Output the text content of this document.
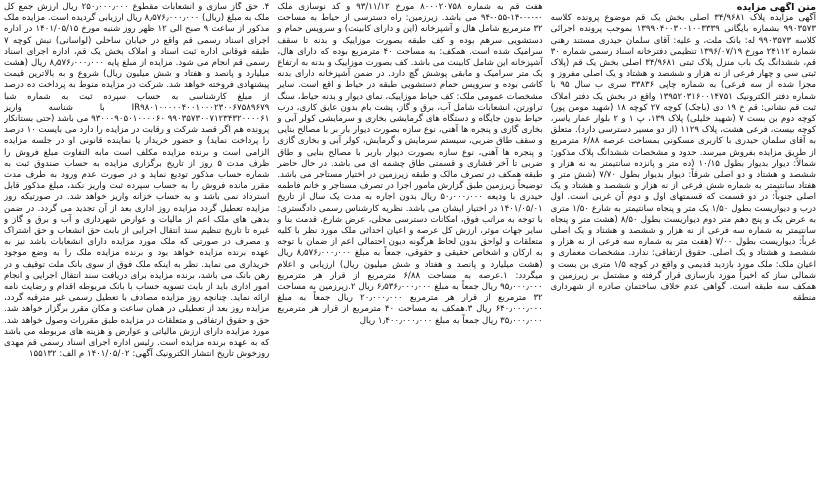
متن آگهی مزایده

آگهی مزایده پلاک ۳۴/۹۶۸۱ اصلی بخش یک قم موضوع پرونده کلاسه ۹۹۰۳۵۷۳ بشماره بایگانی ۱۳۹۹۰۴۰۰۳۰۰۱۰۰۳۳۳۹ بموجب پرونده اجرائی کلاسه ۹۹۰۳۵۷۳ له: بانک ملت، و علیه: آقای سلمان حیدری مستند رهنی شماره ۲۴۱۱۲ مورخ ۱۳۹۶/۰۷/۱۹ تنظیمی دفترخانه اسناد رسمی شماره ۳۰ قم، ششدانگ یک باب منزل پلاک ثبتی ۳۴/۹۶۸۱ اصلی بخش یک قم (پلاک ثبتی سی و چهار فرعی از نه هزار و ششصد و هشتاد و یک اصلی مفروز و مجزا شده از سه فرعی) به شماره چاپی ۳۳۸۳۶ سری ب سال ۹۵ با شماره دفتر الکترونیک ۱۳۹۵۲۰۳۱۶۰۰۱۴۷۵۱ واقع در بخش یک دفتر املاک ثبت قم نشانی: قم خ ۱۹ دی (باجک) کوچه ۲۷ کوچه ۱۸ (شهید مومن پور) کوچه دوم بن بست ۷ (شهید خلیلی) پلاک ۱۳۹، پ ۱ و ۲ بلوار عمار یاسر، کوچه بیست، فرعی هشت، پلاک ۱۱۲۹ (از دو مسیر دسترسی دارد). متعلق به آقای سلمان حیدری با کاربری مسکونی بمساحت عرصه ۶/۸۸ مترمربع از طریق مزایده بفروش میرسد. حدود و مشخصات ششدانگ پلاک مذکور: شمالاً: دیوار بدیوار بطول ۱۰/۱۵ (ده متر و پانزده سانتیمتر به نه هزار و ششصد و هشتاد و دو اصلی شرقاً: دیوار بدیوار بطول ۷/۷۰ (شش متر و هفتاد سانتیمتر به شماره شش فرعی از نه هزار و ششصد و هشتاد و یک اصلی جنوباً: در دو قسمت که قسمتهای اول و دوم آن غربی است. اول درب و دیواریست بطول ۱/۵۰ یک متر و پنجاه سانتیمتر به شارع ۱/۵۰ متری به عرض یک و پنج دهم متر دوم دیواریست بطول ۸/۵۰ (هشت متر و پنجاه سانتیمتر به شماره سه فرعی از نه هزار و ششصد و هشتاد و یک اصلی غرباً: دیواریست بطول ۷/۰۰ (هفت متر به شماره سه فرعی از نه هزار و ششصد و هشتاد و یک اصلی. حقوق ارتفاقی: ندارد. مشخصات معماری و اعیان ملک: ملک مورد بازدید قدیمی و واقع در کوچه ۱/۵ متری بن بست و شمالی ساز که اخیراً مورد بازسازی قرار گرفته و مشتمل بر زیرزمین و همکف سه طبقه است. گواهی عدم خلاف ساختمان صادره از شهرداری منطقه

هفت قم به شماره ۸۰۰۰۲۰۷۵۸ مورخ ۹۳/۱۱/۱۲ و کد نوسازی ملک ۰-۰-۰-۱۴-۰۵۵-۹۴ می باشد. زیرزمین: راه دسترسی از حیاط به مساحت ۳۲ مترمربع شامل هال و آشپزخانه (این و دارای کابینت) و سرویس حمام و دستشویی سرهم بوده و کف طبقه بصورت موزاییک و بدنه تا سقف سرامیک شده است. همکف: به مساحت ۴۰ مترمربع بوده که دارای هال، آشپزخانه این شامل کابینت می باشد. کف بصورت موزاییک و بدنه به ارتفاع یک متر سرامیک و مابقی پوشش گچ دارد. در ضمن آشپزخانه دارای بدنه کاشی بوده و سرویس حمام دستشویی طبقه در حیاط و اقع است. سایر مشخصات عمومی ملک: کف حیاط موزاییک، نمای دیوار و بدنه حیاط، سنگ تراورتن، انشعابات شامل آب، برق و گاز، پشت بام بدون عایق کاری، درب حیاط بدون جایگاه و دستگاه های گرمایشی بخاری و سرمایشی کولر آبی و بخاری گازی و پنجره ها آهنی، نوع سازه بصورت دیوار بار بر با مصالح بنایی و سقف طاق ضربی، سیستم سرمایش و گرمایش، کولر آبی و بخاری گازی و پنجره ها آهنی، نوع سازه بصورت دیوار باربر با مصالح بنایی و طاق ضربی تا آخر قشاری و قسمتی طاق چشمه ای می باشد. در حال حاضر طبقه همکف در تصرف مالک و طبقه زیرزمین در اختیار مستاجر می باشد. توضیحاً زیرزمین طبق گزارش مامور اجرا در تصرف مستاجر و خانم فاطمه حیدری با ودیعه ۵۰٫۰۰۰٫۰۰۰ ریال بدون اجاره به مدت یک سال از تاریخ ۱۴۰۱/۰۵/۰۱ در اختیار ایشان می باشد. نظریه کارشناس رسمی دادگستری: با توجه به مراتب فوق، امکانات دسترسی محلی، عرض شارع، قدمت بنا و سایر جهات موثر، ارزش کل عرصه و اعیان احداثی ملک مورد نظر با کلیه متعلقات و لواحق بدون لحاظ هرگونه دیون احتمالی اعم از ضمان با توجه به ارکان و اشخاص حقیقی و حقوقی، جمعاً به مبلغ ۸٫۵۷۶٫۰۰۰٫۰۰۰ ریال (هشت میلیارد و پانصد و هفتاد و شش میلیون ریال) ارزیابی و اعلام میگردد: ۱.عرصه به مساحت ۶/۸۸ مترمربع از قرار هر مترمربع ۹۵٫۰۰۰٫۰۰۰ ریال جمعاً به مبلغ ۶٫۵۳۶٫۰۰۰٫۰۰۰ ریال ۲.زیرزمین به مساحت ۳۲ مترمربع از قرار هر مترمربع ۲۰٫۰۰۰٫۰۰۰ ریال جمعاً به مبلغ ۶۴۰٫۰۰۰٫۰۰۰ ریال ۳.همکف به مساحت ۴۰ مترمربع از قرار هر مترمربع ۳۵٫۰۰۰٫۰۰۰ ریال جمعاً به مبلغ ۱٫۴۰۰٫۰۰۰٫۰۰۰ ریال

۴. حق گاز سازی و انشعابات مقطوع ۲۵۰٫۰۰۰٫۰۰۰ ریال ارزش جمع کل ملک به مبلغ (ریال) ۸٫۵۷۶٫۰۰۰٫۰۰۰ ریال ارزیابی گردیده است. مزایده ملک مذکور از ساعت ۹ صبح الی ۱۲ ظهر روز شنبه مورخ ۱۴۰۱/۰۵/۱۵ در اداره اجرای اسناد رسمی قم واقع در خیابان ساحلی (لواسانی) نبش کوچه ۷ طبقه فوقانی اداره ثبت اسناد و املاک بخش یک قم، اداره اجرای اسناد رسمی قم انجام می شود. مزایده از مبلغ پایه ۸٫۵۷۶٫۰۰۰٫۰۰۰ ریال (هشت میلیارد و پانصد و هفتاد و شش میلیون ریال) شروع و به بالاترین قیمت پیشنهادی فروخته خواهد شد. شرکت در مزایده منوط به پرداخت ده درصد از مبلغ کارشناسی به حساب سپرده ثبت به شماره شبا IR۹۸۰۱۰۰۰۰۰۴۰۰۱۰۰۰۲۳۰۰۶۷۵۸۹۶۷۹ با شناسه واریز ۹۹۰۳۵۷۳۰۰۷۱۲۳۴۳۲۰۰۰۰۶۱ ۹۳۰۰۰۹۰۵۰۱۰۰۰۰۶۰ می باشد (حتی بستانکار پرونده هم اگر قصد شرکت و رقابت در مزایده را دارد می بایست ۱۰ درصد را پرداخت نماید) و حضور خریدار یا نماینده قانونی او در جلسه مزایده الزامی است و برنده مزایده مکلف است مابه التفاوت مبلغ فروش را ظرف مدت ۵ روز از تاریخ برگزاری مزایده به حساب صندوق ثبت به شماره حساب مذکور تودیع نماید و در صورت عدم ورود به طرف مدت مقرر مانده فروش را به حساب سپرده ثبت واریز نکند، مبلغ مذکور قابل استرداد نمی باشد و به حساب خزانه واریز خواهد شد. در صورتیکه روز مزایده تعطیل گردد مزایده روز اداری بعد از آن تجدید می گردد. در ضمن بدهی های ملک اعم از مالیات و عوارض شهرداری و آب و برق و گاز و غیره تا تاریخ تنظیم سند انتقال اجرایی از بابت حق انشعاب و حق اشتراک و مصرف در صورتی که ملک مورد مزایده دارای انشعابات باشد نیز به عهده برنده مزایده خواهد بود و برنده مزایده ملک را به وضع موجود خریداری می نماید. نظر به اینکه ملک فوق از سوی بانک ملت توقیف و در رهن بانک می باشد، برنده مزایده برای دریافت سند انتقال اجرایی و انجام امور اداری باید از بابت تسویه حساب با بانک مربوطه اقدام و رضایت نامه ارائه نماید. چنانچه روز مزایده مصادف با تعطیل رسمی غیر مترقبه گردد، مزایده روز بعد از تعطیلی در همان ساعت و مکان مقرر برگزار خواهد شد. حق و حقوق ارتفاقی و متعلقات در مزایده طبق مقررات وصول خواهد شد. مورد مزایده دارای ارزش مالیاتی و عوارض و هزینه های مربوطه می باشد که به عهده برنده مزایده است. رئیس اداره اجرای اسناد رسمی قم مهدی روزخوش تاریخ انتشار الکترونیک آگهی: ۱۴۰۱/۰۵/۰۲ م الف: ۱۵۵۱۳۲
